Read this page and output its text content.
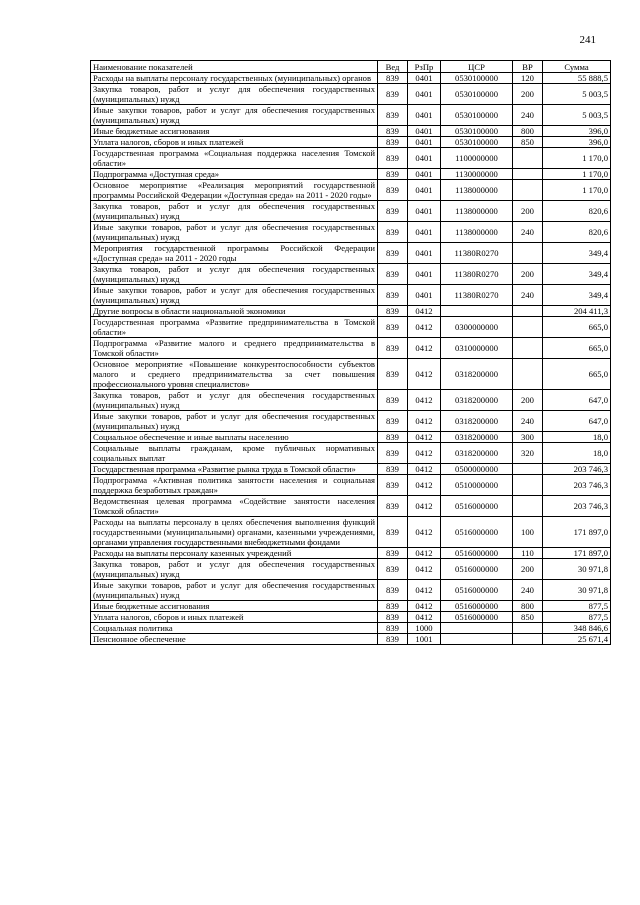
241
Наименование показателей	Вед	РзПр	ЦСР	ВР	Сумма
Расходы на выплаты персоналу государственных (муниципальных) органов	839	0401	0530100000	120	55 888,5
Закупка товаров, работ и услуг для обеспечения государственных (муниципальных) нужд	839	0401	0530100000	200	5 003,5
Иные закупки товаров, работ и услуг для обеспечения государственных (муниципальных) нужд	839	0401	0530100000	240	5 003,5
Иные бюджетные ассигнования	839	0401	0530100000	800	396,0
Уплата налогов, сборов и иных платежей	839	0401	0530100000	850	396,0
Государственная программа «Социальная поддержка населения Томской области»	839	0401	1100000000		1 170,0
Подпрограмма «Доступная среда»	839	0401	1130000000		1 170,0
Основное мероприятие «Реализация мероприятий государственной программы Российской Федерации «Доступная среда» на 2011 - 2020 годы»	839	0401	1138000000		1 170,0
Закупка товаров, работ и услуг для обеспечения государственных (муниципальных) нужд	839	0401	1138000000	200	820,6
Иные закупки товаров, работ и услуг для обеспечения государственных (муниципальных) нужд	839	0401	1138000000	240	820,6
Мероприятия государственной программы Российской Федерации «Доступная среда» на 2011 - 2020 годы	839	0401	11380R0270		349,4
Закупка товаров, работ и услуг для обеспечения государственных (муниципальных) нужд	839	0401	11380R0270	200	349,4
Иные закупки товаров, работ и услуг для обеспечения государственных (муниципальных) нужд	839	0401	11380R0270	240	349,4
Другие вопросы в области национальной экономики	839	0412			204 411,3
Государственная программа «Развитие предпринимательства в Томской области»	839	0412	0300000000		665,0
Подпрограмма «Развитие малого и среднего предпринимательства в Томской области»	839	0412	0310000000		665,0
Основное мероприятие «Повышение конкурентоспособности субъектов малого и среднего предпринимательства за счет повышения профессионального уровня специалистов»	839	0412	0318200000		665,0
Закупка товаров, работ и услуг для обеспечения государственных (муниципальных) нужд	839	0412	0318200000	200	647,0
Иные закупки товаров, работ и услуг для обеспечения государственных (муниципальных) нужд	839	0412	0318200000	240	647,0
Социальное обеспечение и иные выплаты населению	839	0412	0318200000	300	18,0
Социальные выплаты гражданам, кроме публичных нормативных социальных выплат	839	0412	0318200000	320	18,0
Государственная программа «Развитие рынка труда в Томской области»	839	0412	0500000000		203 746,3
Подпрограмма «Активная политика занятости населения и социальная поддержка безработных граждан»	839	0412	0510000000		203 746,3
Ведомственная целевая программа «Содействие занятости населения Томской области»	839	0412	0516000000		203 746,3
Расходы на выплаты персоналу в целях обеспечения выполнения функций государственными (муниципальными) органами, казенными учреждениями, органами управления государственными внебюджетными фондами	839	0412	0516000000	100	171 897,0
Расходы на выплаты персоналу казенных учреждений	839	0412	0516000000	110	171 897,0
Закупка товаров, работ и услуг для обеспечения государственных (муниципальных) нужд	839	0412	0516000000	200	30 971,8
Иные закупки товаров, работ и услуг для обеспечения государственных (муниципальных) нужд	839	0412	0516000000	240	30 971,8
Иные бюджетные ассигнования	839	0412	0516000000	800	877,5
Уплата налогов, сборов и иных платежей	839	0412	0516000000	850	877,5
Социальная политика	839	1000			348 846,6
Пенсионное обеспечение	839	1001			25 671,4
